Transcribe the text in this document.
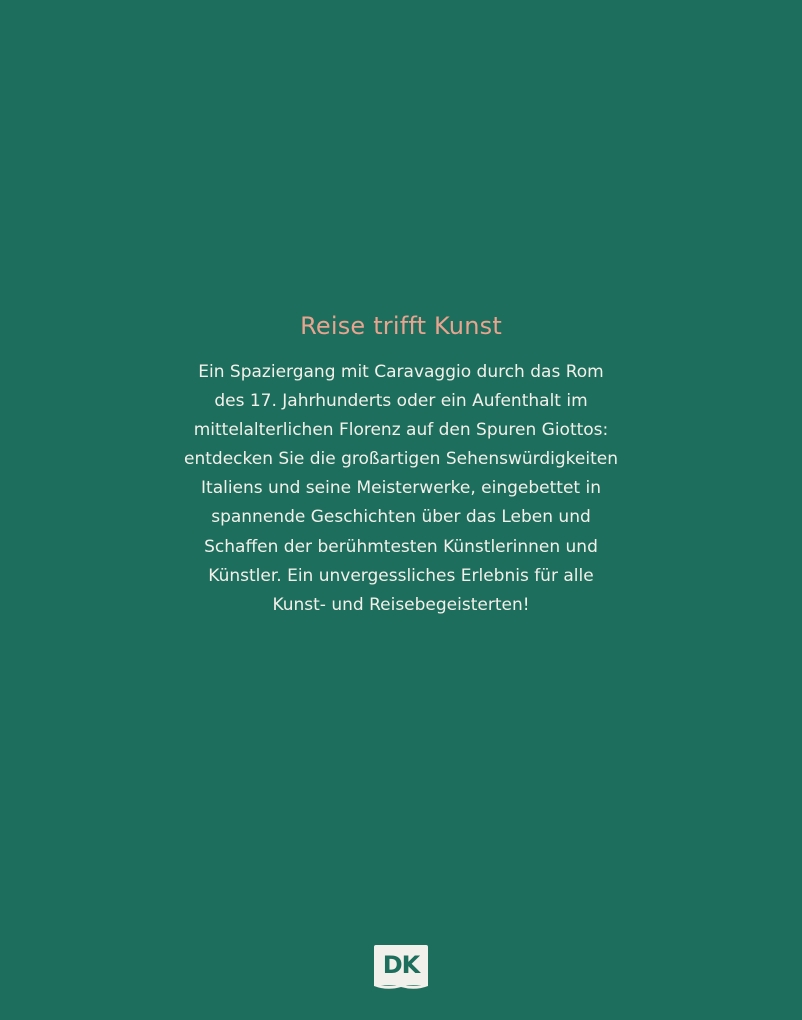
Reise trifft Kunst
Ein Spaziergang mit Caravaggio durch das Rom
des 17. Jahrhunderts oder ein Aufenthalt im
mittelalterlichen Florenz auf den Spuren Giottos:
entdecken Sie die großartigen Sehenswürdigkeiten
Italiens und seine Meisterwerke, eingebettet in
spannende Geschichten über das Leben und
Schaffen der berühmtesten Künstlerinnen und
Künstler. Ein unvergessliches Erlebnis für alle
Kunst- und Reisebegeisterten!
DK
